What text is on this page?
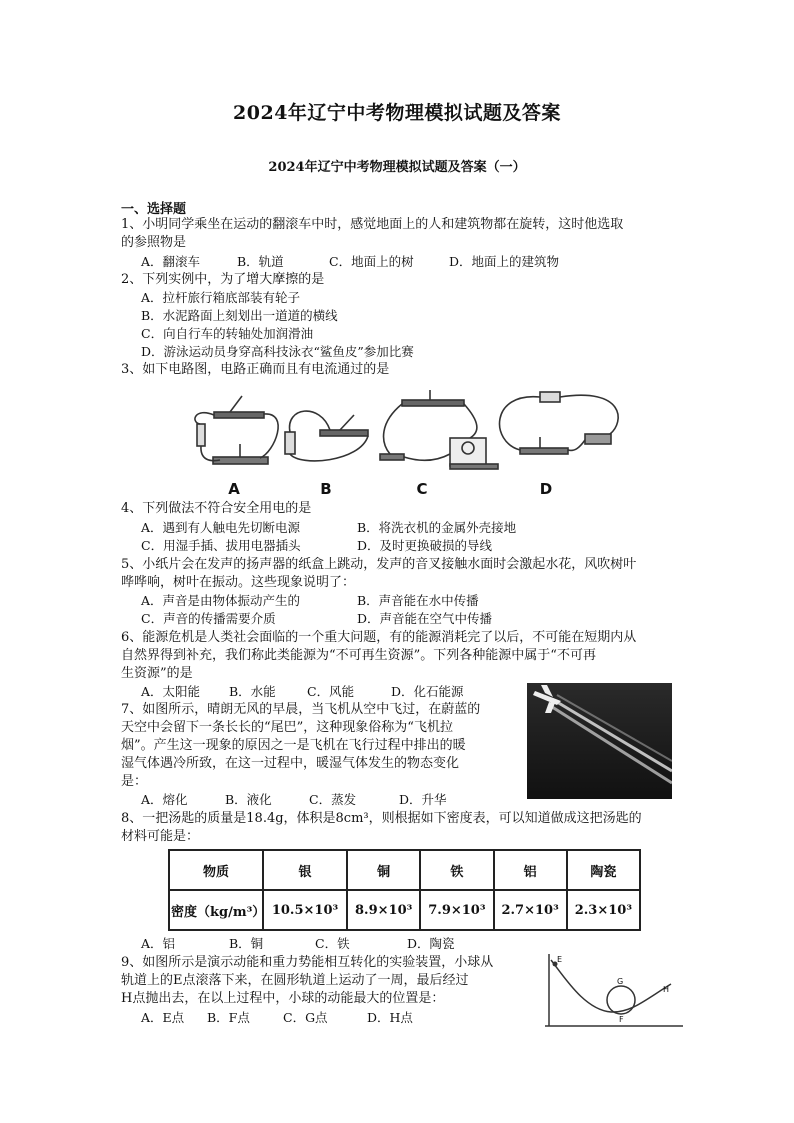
2024年辽宁中考物理模拟试题及答案
2024年辽宁中考物理模拟试题及答案（一）
一、选择题
1、小明同学乘坐在运动的翻滚车中时，感觉地面上的人和建筑物都在旋转，这时他选取
的参照物是
A．翻滚车	B．轨道	C．地面上的树	D．地面上的建筑物
2、下列实例中，为了增大摩擦的是
A．拉杆旅行箱底部装有轮子
B．水泥路面上刻划出一道道的横线
C．向自行车的转轴处加润滑油
D．游泳运动员身穿高科技泳衣“鲨鱼皮”参加比赛
3、如下电路图，电路正确而且有电流通过的是
A	B	C	D
4、下列做法不符合安全用电的是
A．遇到有人触电先切断电源	B．将洗衣机的金属外壳接地
C．用湿手插、拔用电器插头	D．及时更换破损的导线
5、小纸片会在发声的扬声器的纸盒上跳动，发声的音叉接触水面时会激起水花，风吹树叶
哗哗响，树叶在振动。这些现象说明了：
A．声音是由物体振动产生的	B．声音能在水中传播
C．声音的传播需要介质	D．声音能在空气中传播
6、能源危机是人类社会面临的一个重大问题，有的能源消耗完了以后，不可能在短期内从
自然界得到补充，我们称此类能源为“不可再生资源”。下列各种能源中属于“不可再
生资源”的是
A．太阳能 B．水能	C．风能	D．化石能源
7、如图所示，晴朗无风的早晨，当飞机从空中飞过，在蔚蓝的
天空中会留下一条长长的“尾巴”，这种现象俗称为“飞机拉
烟”。产生这一现象的原因之一是飞机在飞行过程中排出的暖
湿气体遇冷所致，在这一过程中，暖湿气体发生的物态变化
是：
A．熔化	B．液化	C．蒸发	D．升华
8、一把汤匙的质量是18.4g，体积是8cm³，则根据如下密度表，可以知道做成这把汤匙的
材料可能是：
物质	银	铜	铁	铝	陶瓷
密度（kg/m³）	10.5×10³	8.9×10³	7.9×10³	2.7×10³	2.3×10³
A．铝	B．铜	C．铁	D．陶瓷
9、如图所示是演示动能和重力势能相互转化的实验装置，小球从
轨道上的E点滚落下来，在圆形轨道上运动了一周，最后经过
H点抛出去，在以上过程中，小球的动能最大的位置是：
A．E点 B．F点	C．G点	D．H点
E
G
F
H
